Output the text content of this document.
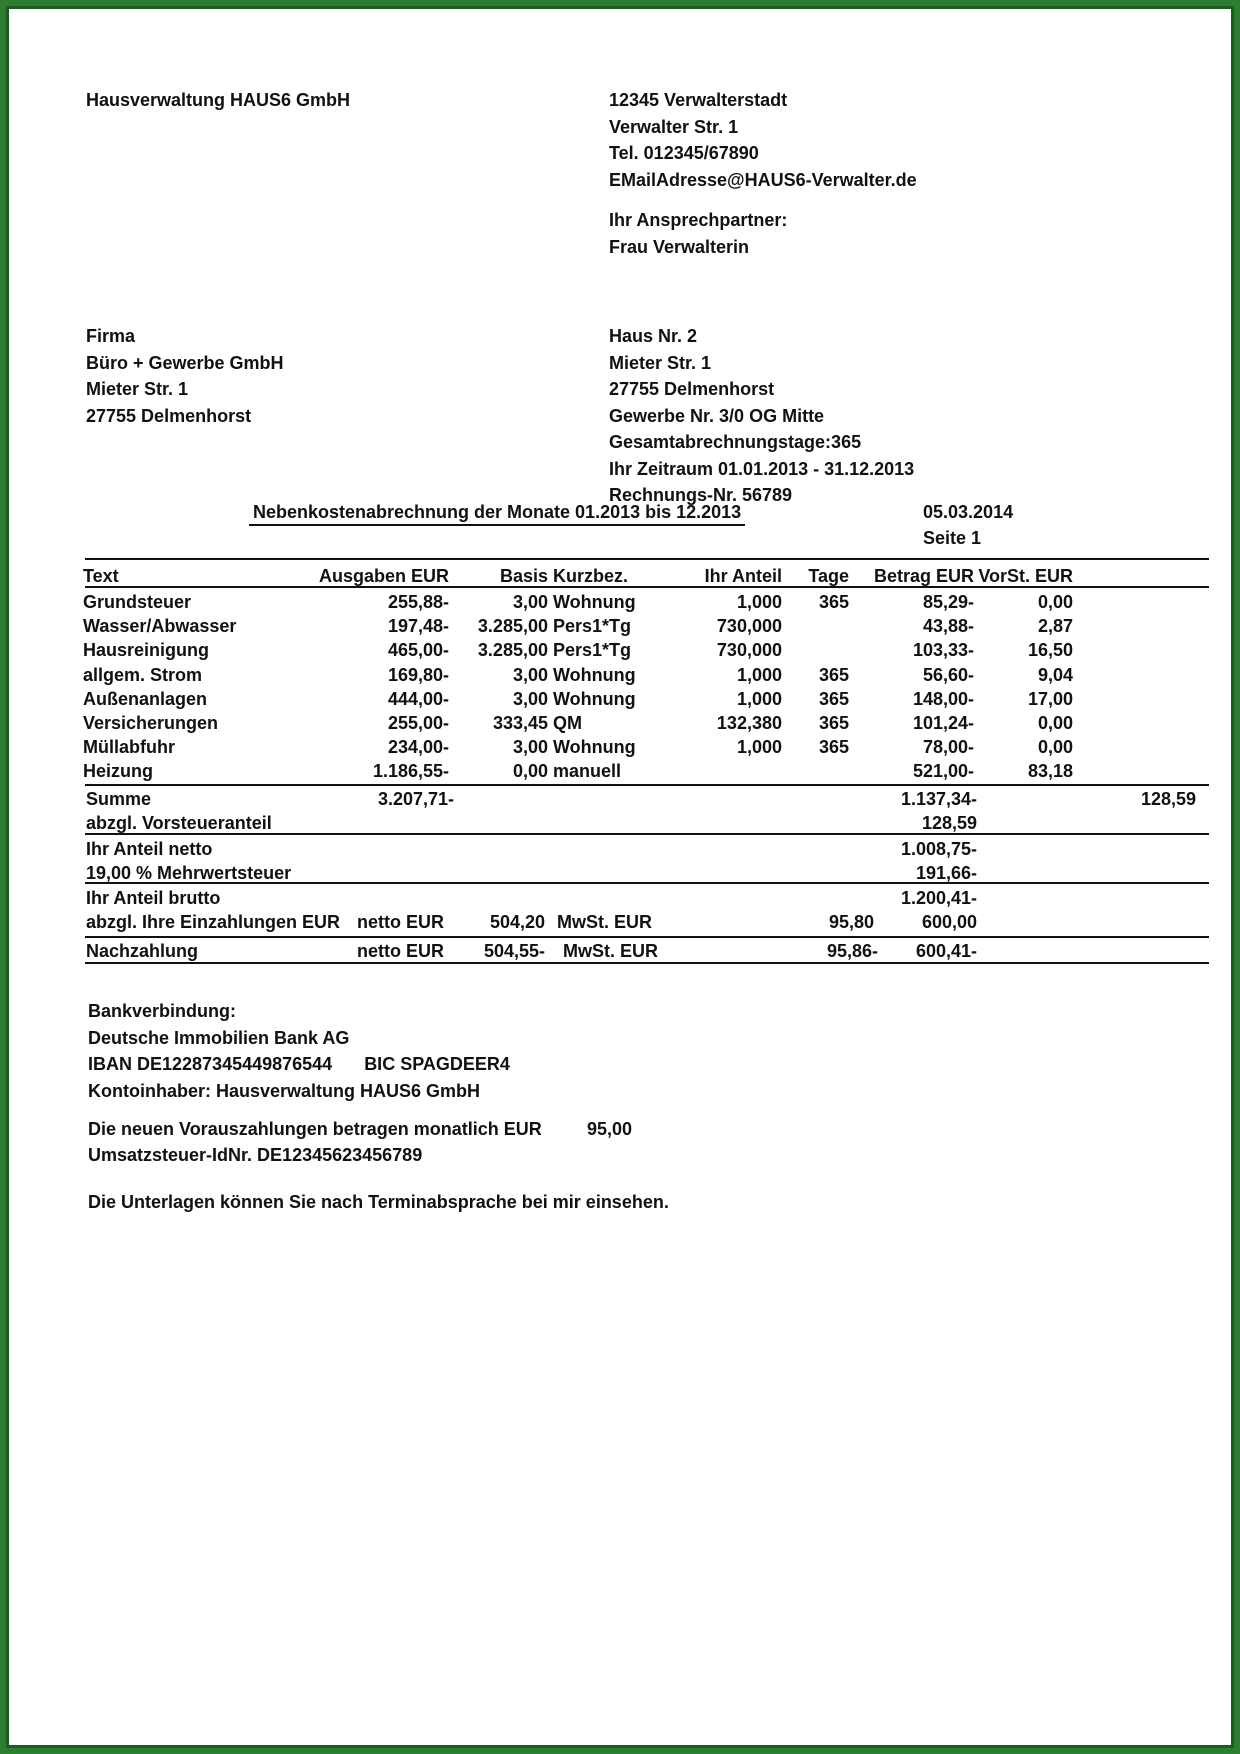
Hausverwaltung HAUS6 GmbH	12345 Verwalterstadt
Verwalter Str. 1
Tel. 012345/67890
EMailAdresse@HAUS6-Verwalter.de
Ihr Ansprechpartner:
Frau Verwalterin
Firma
Büro + Gewerbe GmbH
Mieter Str. 1
27755 Delmenhorst
Haus Nr. 2
Mieter Str. 1
27755 Delmenhorst
Gewerbe Nr. 3/0 OG Mitte
Gesamtabrechnungstage:365
Ihr Zeitraum 01.01.2013 - 31.12.2013
Rechnungs-Nr. 56789
Nebenkostenabrechnung der Monate 01.2013 bis 12.2013	05.03.2014
Seite 1
Summe	3.207,71-	1.137,34-	128,59
abzgl. Vorsteueranteil	128,59
Ihr Anteil netto	1.008,75-
19,00 % Mehrwertsteuer	191,66-
Ihr Anteil brutto	1.200,41-
abzgl. Ihre Einzahlungen EUR netto EUR	504,20 MwSt. EUR	95,80	600,00
Nachzahlung	netto EUR 504,55- MwSt. EUR	95,86- 600,41-
Bankverbindung:
Deutsche Immobilien Bank AG
IBAN DE12287345449876544 BIC SPAGDEER4
Kontoinhaber: Hausverwaltung HAUS6 GmbH
Die neuen Vorauszahlungen betragen monatlich EUR	95,00
Umsatzsteuer-IdNr. DE12345623456789
Die Unterlagen können Sie nach Terminabsprache bei mir einsehen.
Text	Ausgaben EUR	Basis Kurzbez.	Ihr Anteil Tage Betrag EUR VorSt. EUR
Grundsteuer	255,88-	3,00 Wohnung	1,000 365	85,29-	0,00
Wasser/Abwasser	197,48- 3.285,00 Pers1*Tg	730,000	43,88-	2,87
Hausreinigung	465,00- 3.285,00 Pers1*Tg	730,000	103,33-	16,50
allgem. Strom	169,80-	3,00 Wohnung	1,000 365	56,60-	9,04
Außenanlagen	444,00-	3,00 Wohnung	1,000 365	148,00-	17,00
Versicherungen	255,00- 333,45 QM	132,380 365	101,24-	0,00
Müllabfuhr	234,00-	3,00 Wohnung	1,000 365	78,00-	0,00
Heizung	1.186,55-	0,00 manuell	521,00-	83,18
